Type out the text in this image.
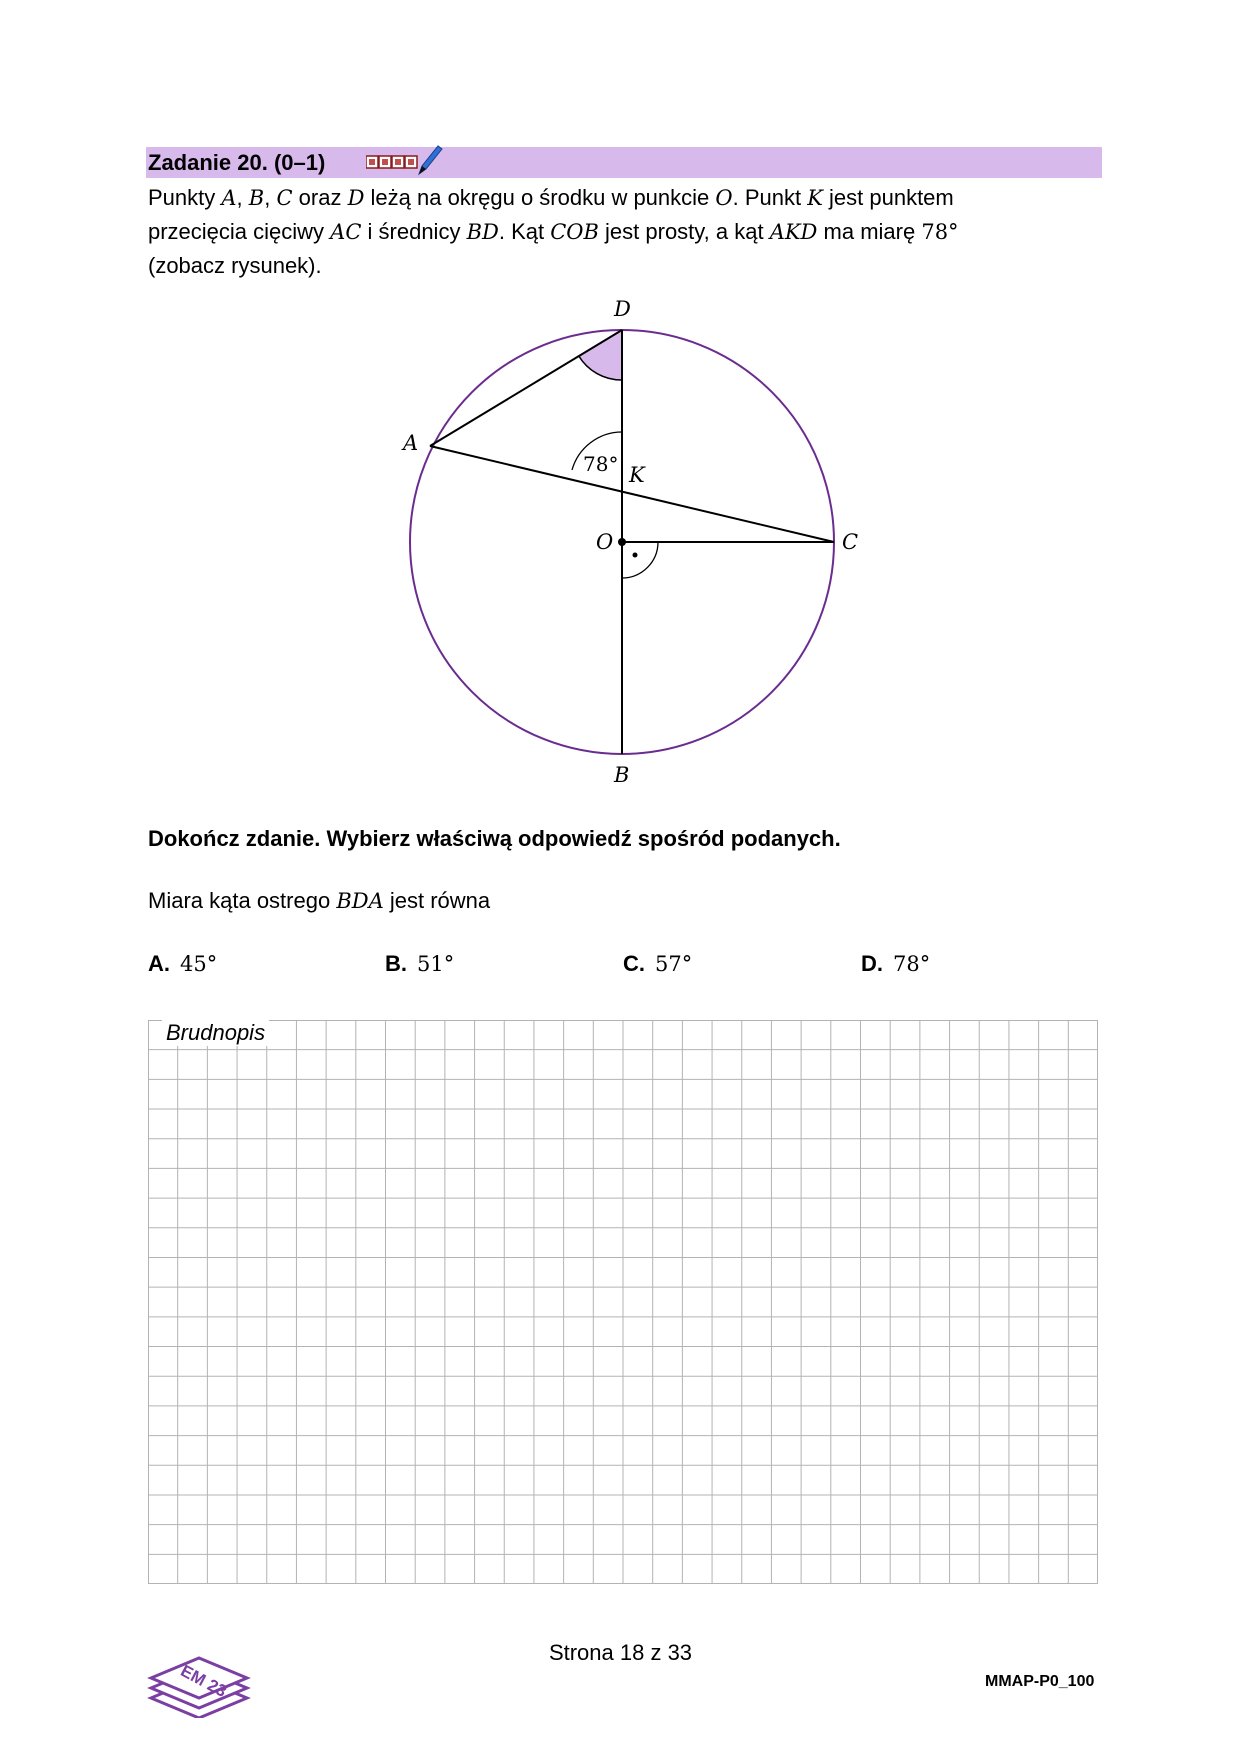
Zadanie 20. (0–1)
Punkty A, B, C oraz D leżą na okręgu o środku w punkcie O. Punkt K jest punktem
przecięcia cięciwy AC i średnicy BD. Kąt COB jest prosty, a kąt AKD ma miarę 78°
(zobacz rysunek).
D
A
K
O	C
B
78°
Dokończ zdanie. Wybierz właściwą odpowiedź spośród podanych.
Miara kąta ostrego BDA jest równa
A. 45°	B. 51°	C. 57°	D. 78°
Brudnopis
EM 23
Strona 18 z 33
MMAP-P0_100
